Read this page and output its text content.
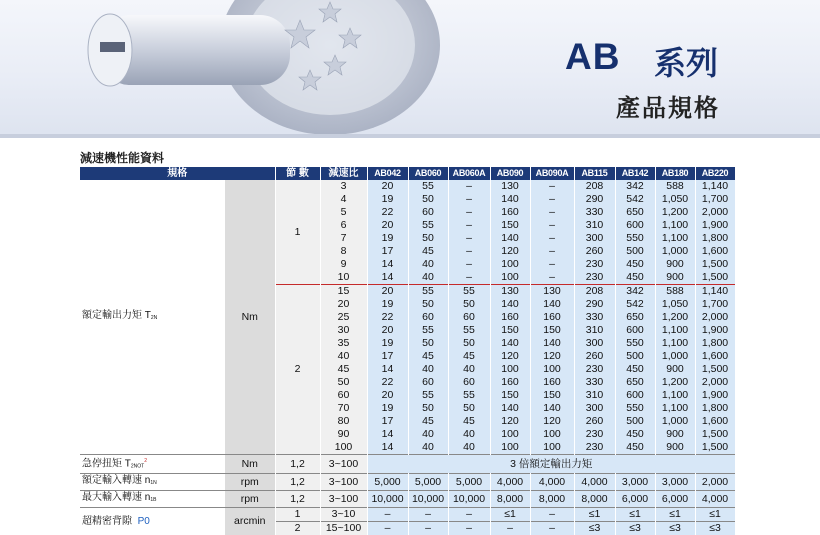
AB 系列
產品規格
減速機性能資料
規格		節 數	減速比	AB042	AB060	AB060A	AB090	AB090A	AB115	AB142	AB180	AB220
額定輸出力矩 $T_{2N}$	Nm	1	3	20	55	–	130	–	208	342	588	1,140
			4	19	50	–	140	–	290	542	1,050	1,700
			5	22	60	–	160	–	330	650	1,200	2,000
			6	20	55	–	150	–	310	600	1,100	1,900
			7	19	50	–	140	–	300	550	1,100	1,800
			8	17	45	–	120	–	260	500	1,000	1,600
			9	14	40	–	100	–	230	450	900	1,500
			10	14	40	–	100	–	230	450	900	1,500
		2	15	20	55	55	130	130	208	342	588	1,140
			20	19	50	50	140	140	290	542	1,050	1,700
			25	22	60	60	160	160	330	650	1,200	2,000
			30	20	55	55	150	150	310	600	1,100	1,900
			35	19	50	50	140	140	300	550	1,100	1,800
			40	17	45	45	120	120	260	500	1,000	1,600
			45	14	40	40	100	100	230	450	900	1,500
			50	22	60	60	160	160	330	650	1,200	2,000
			60	20	55	55	150	150	310	600	1,100	1,900
			70	19	50	50	140	140	300	550	1,100	1,800
			80	17	45	45	120	120	260	500	1,000	1,600
			90	14	40	40	100	100	230	450	900	1,500
			100	14	40	40	100	100	230	450	900	1,500
急停扭矩 $T_{2NOT}^2$	Nm	1,2	3~100	3 倍額定輸出力矩								
額定輸入轉速 $n_{1N}$	rpm	1,2	3~100	5,000	5,000	5,000	4,000	4,000	4,000	3,000	3,000	2,000
最大輸入轉速 $n_{1B}$	rpm	1,2	3~100	10,000	10,000	10,000	8,000	8,000	8,000	6,000	6,000	4,000
超精密背隙 P0	arcmin	1	3~10	–	–	–	≤1	–	≤1	≤1	≤1	≤1
		2	15~100	–	–	–	–	–	≤3	≤3	≤3	≤3
